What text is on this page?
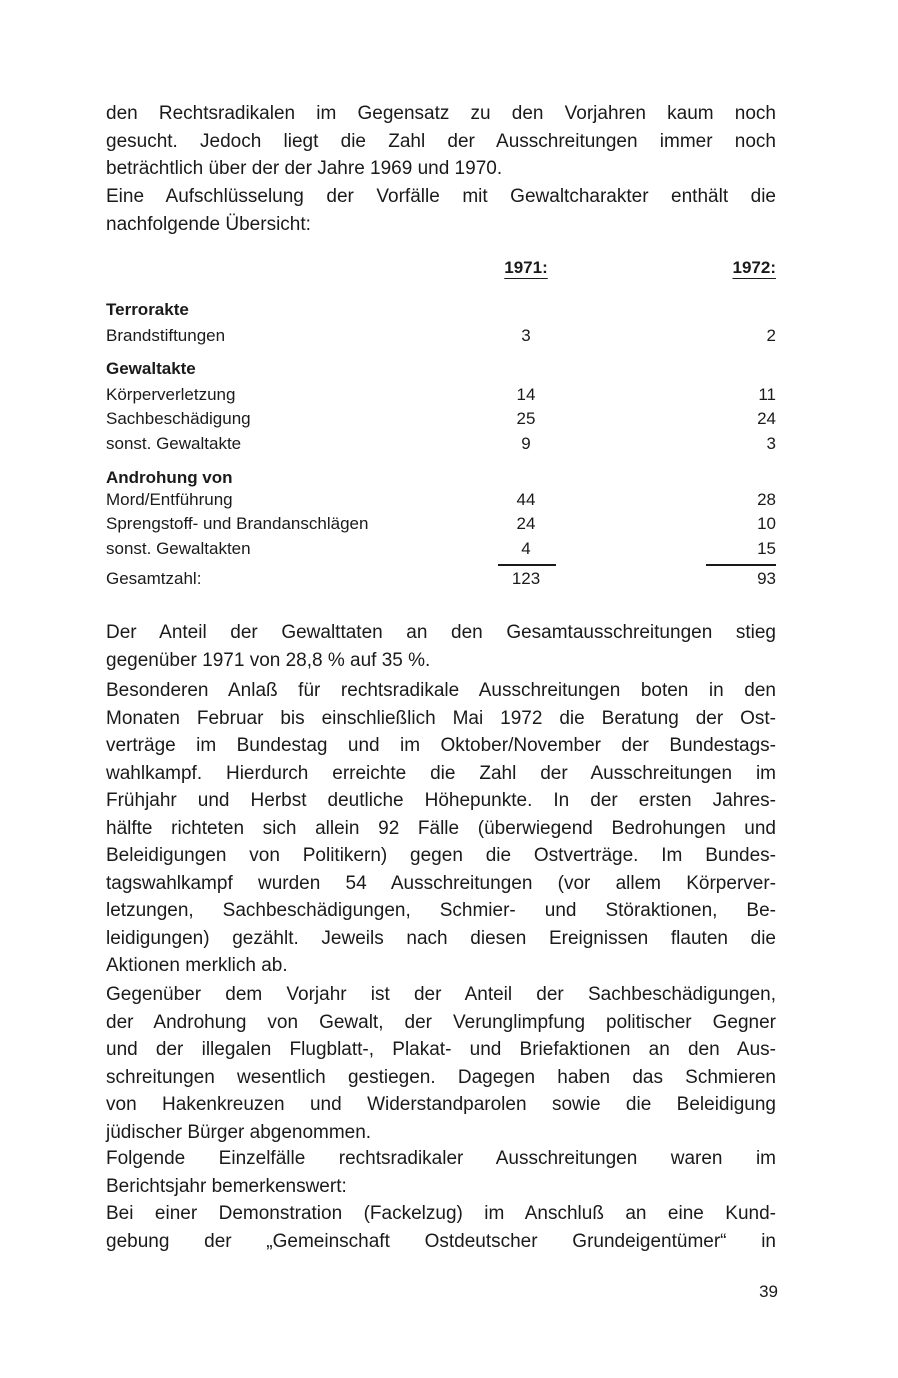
den Rechtsradikalen im Gegensatz zu den Vorjahren kaum noch
gesucht. Jedoch liegt die Zahl der Ausschreitungen immer noch
beträchtlich über der der Jahre 1969 und 1970.
Eine Aufschlüsselung der Vorfälle mit Gewaltcharakter enthält die
nachfolgende Übersicht:
1971:	1972:
Terrorakte
Brandstiftungen	3	2
Gewaltakte
Körperverletzung	14	11
Sachbeschädigung	25	24
sonst. Gewaltakte	9	3
Androhung von
Mord/Entführung	44	28
Sprengstoff- und Brandanschlägen	24	10
sonst. Gewaltakten	4	15
Gesamtzahl:	123	93
Der Anteil der Gewalttaten an den Gesamtausschreitungen stieg
gegenüber 1971 von 28,8 % auf 35 %.
Besonderen Anlaß für rechtsradikale Ausschreitungen boten in den
Monaten Februar bis einschließlich Mai 1972 die Beratung der Ost-
verträge im Bundestag und im Oktober/November der Bundestags-
wahlkampf. Hierdurch erreichte die Zahl der Ausschreitungen im
Frühjahr und Herbst deutliche Höhepunkte. In der ersten Jahres-
hälfte richteten sich allein 92 Fälle (überwiegend Bedrohungen und
Beleidigungen von Politikern) gegen die Ostverträge. Im Bundes-
tagswahlkampf wurden 54 Ausschreitungen (vor allem Körperver-
letzungen, Sachbeschädigungen, Schmier- und Störaktionen, Be-
leidigungen) gezählt. Jeweils nach diesen Ereignissen flauten die
Aktionen merklich ab.
Gegenüber dem Vorjahr ist der Anteil der Sachbeschädigungen,
der Androhung von Gewalt, der Verunglimpfung politischer Gegner
und der illegalen Flugblatt-, Plakat- und Briefaktionen an den Aus-
schreitungen wesentlich gestiegen. Dagegen haben das Schmieren
von Hakenkreuzen und Widerstandparolen sowie die Beleidigung
jüdischer Bürger abgenommen.
Folgende Einzelfälle rechtsradikaler Ausschreitungen waren im
Berichtsjahr bemerkenswert:
Bei einer Demonstration (Fackelzug) im Anschluß an eine Kund-
gebung der „Gemeinschaft Ostdeutscher Grundeigentümer“ in
39
